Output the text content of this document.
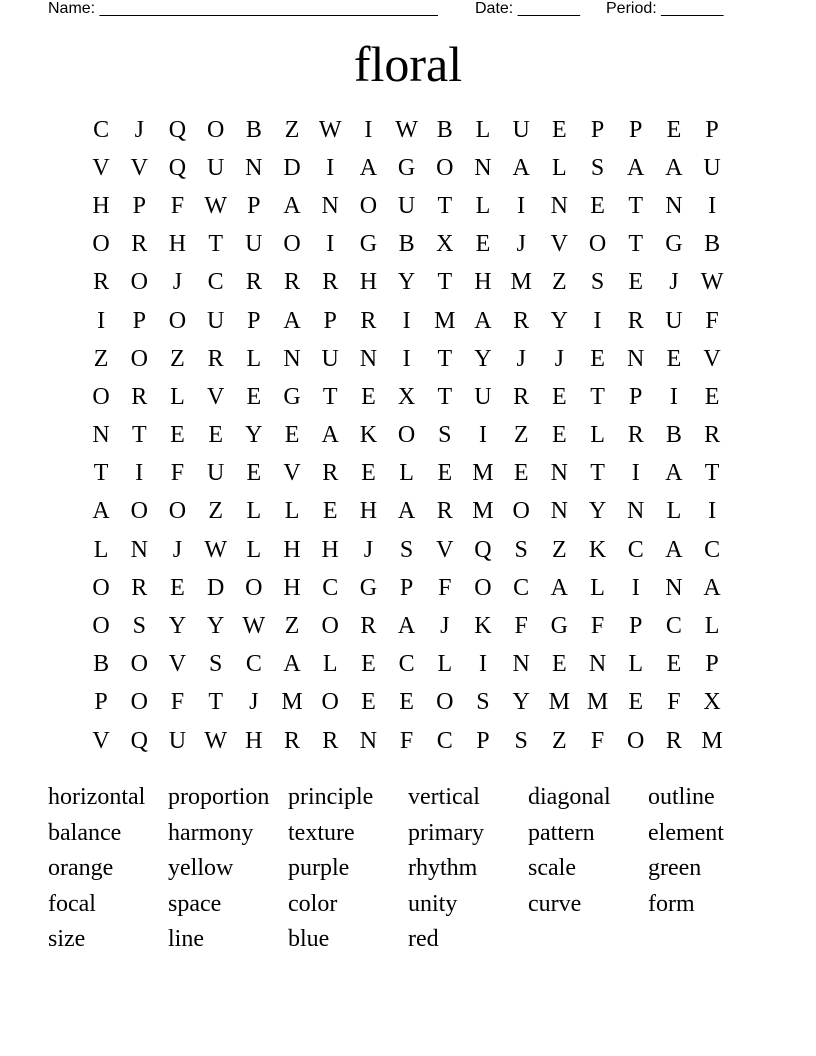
Name: ______________________________________

Date: _______

Period: _______

floral
C	J	Q O B Z W I W B L U E	P	P	E	P
V V Q U N D	I	A G O N A L	S A A U
H P	F W P A N O U T L	I	N E T N	I
O R H T U O	I	G B X E	J	V O T G B
R O	J	C R R R H Y T H M Z	S	E	J W
I	P O U P A P R	I M A R Y	I	R U F
Z O Z R L N U N	I	T Y	J	J	E N E V
O R L V E G T E X T U R E T	P	I	E
N T E E Y E A K O S	I	Z E L R B R
T	I	F U E V R E L E M E N T	I	A T
A O O Z L L E H A R M O N Y N L	I
L N	J W L H H	J	S V Q S	Z K C A C
O R E D O H C G P	F O C A L	I	N A
O S Y Y W Z O R A	J	K F G F	P C L
B O V S C A L E C L	I	N E N L E	P
P O F	T	J M O E E O S Y M M E	F X
V Q U W H R R N F C P	S	Z	F O R M
horizontal proportion principle	vertical	diagonal	outline
balance	harmony	texture	primary	pattern	element
orange	yellow	purple	rhythm	scale	green
focal	space	color	unity	curve	form
size	line	blue	red
